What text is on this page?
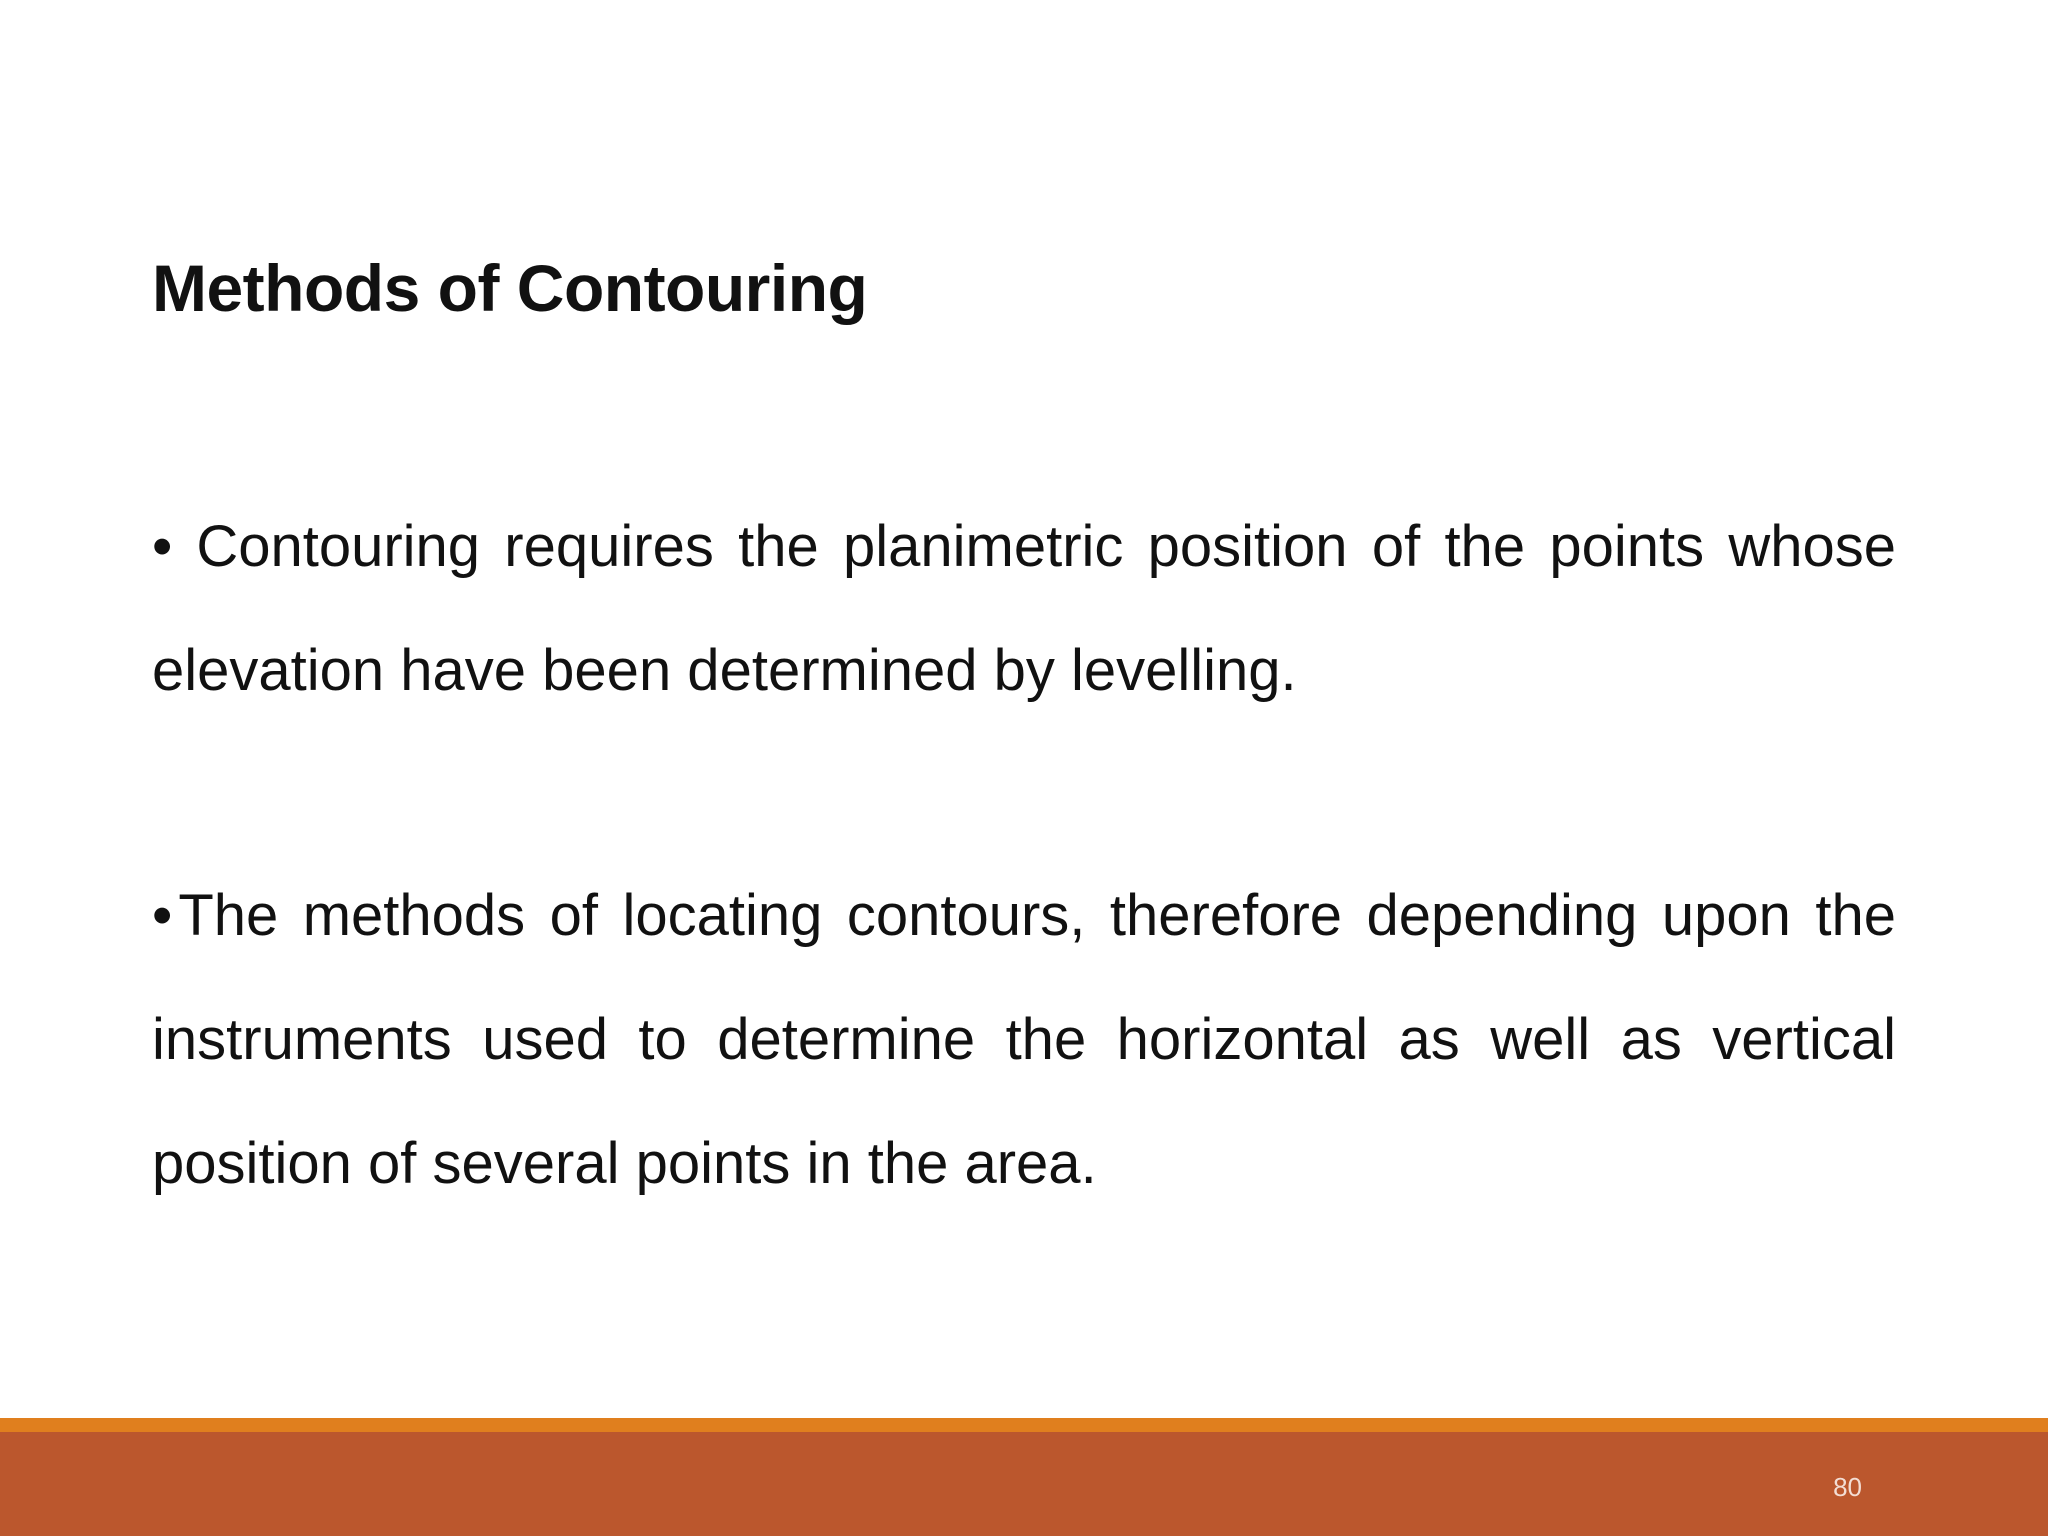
Methods of Contouring

• Contouring requires the planimetric position of the points whose elevation have been determined by levelling.

• The methods of locating contours, therefore depending upon the instruments used to determine the horizontal as well as vertical position of several points in the area.

80
